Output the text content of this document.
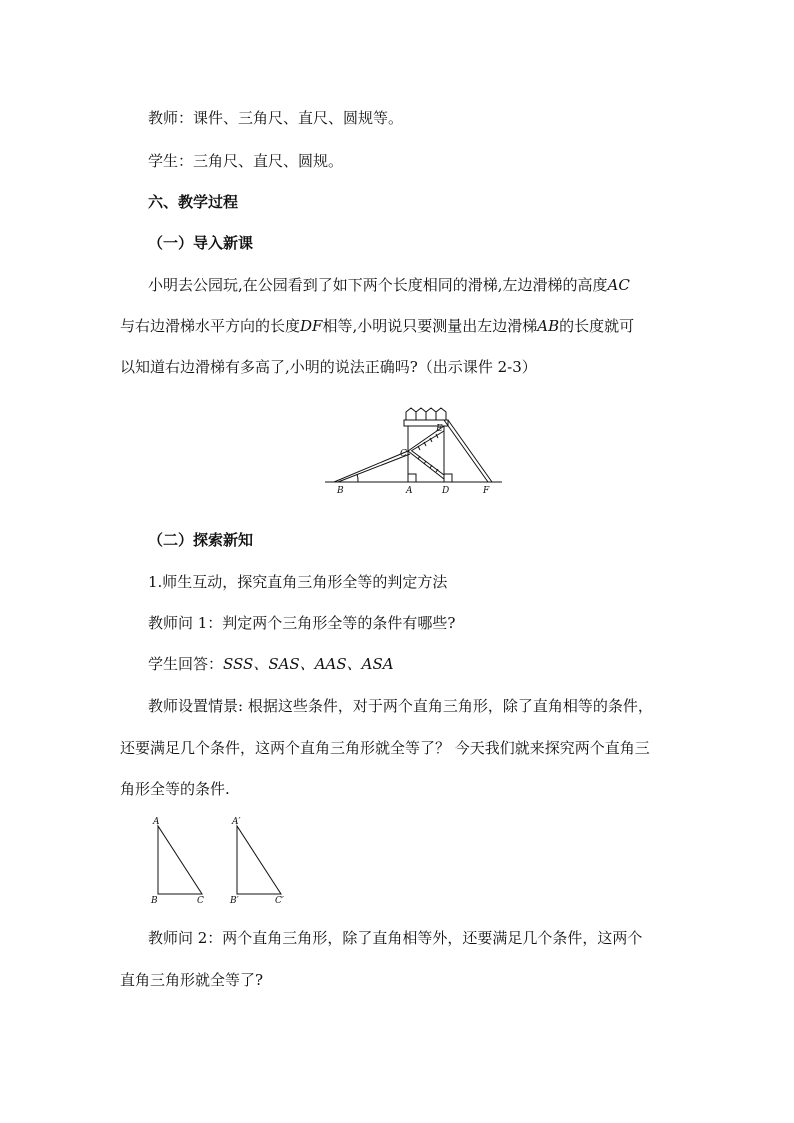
教师：课件、三角尺、直尺、圆规等。
学生：三角尺、直尺、圆规。
六、教学过程
（一）导入新课
小明去公园玩,在公园看到了如下两个长度相同的滑梯,左边滑梯的高度AC
与右边滑梯水平方向的长度DF相等,小明说只要测量出左边滑梯AB的长度就可
以知道右边滑梯有多高了,小明的说法正确吗?（出示课件 2-3）
B	A	D	F
C
E
（二）探索新知
1.师生互动，探究直角三角形全等的判定方法
教师问 1：判定两个三角形全等的条件有哪些?
学生回答：SSS、SAS、AAS、ASA
教师设置情景: 根据这些条件，对于两个直角三角形，除了直角相等的条件，
还要满足几个条件，这两个直角三角形就全等了？ 今天我们就来探究两个直角三
角形全等的条件.
A
B	C
A′
B′	C′
教师问 2：两个直角三角形，除了直角相等外，还要满足几个条件，这两个
直角三角形就全等了?
